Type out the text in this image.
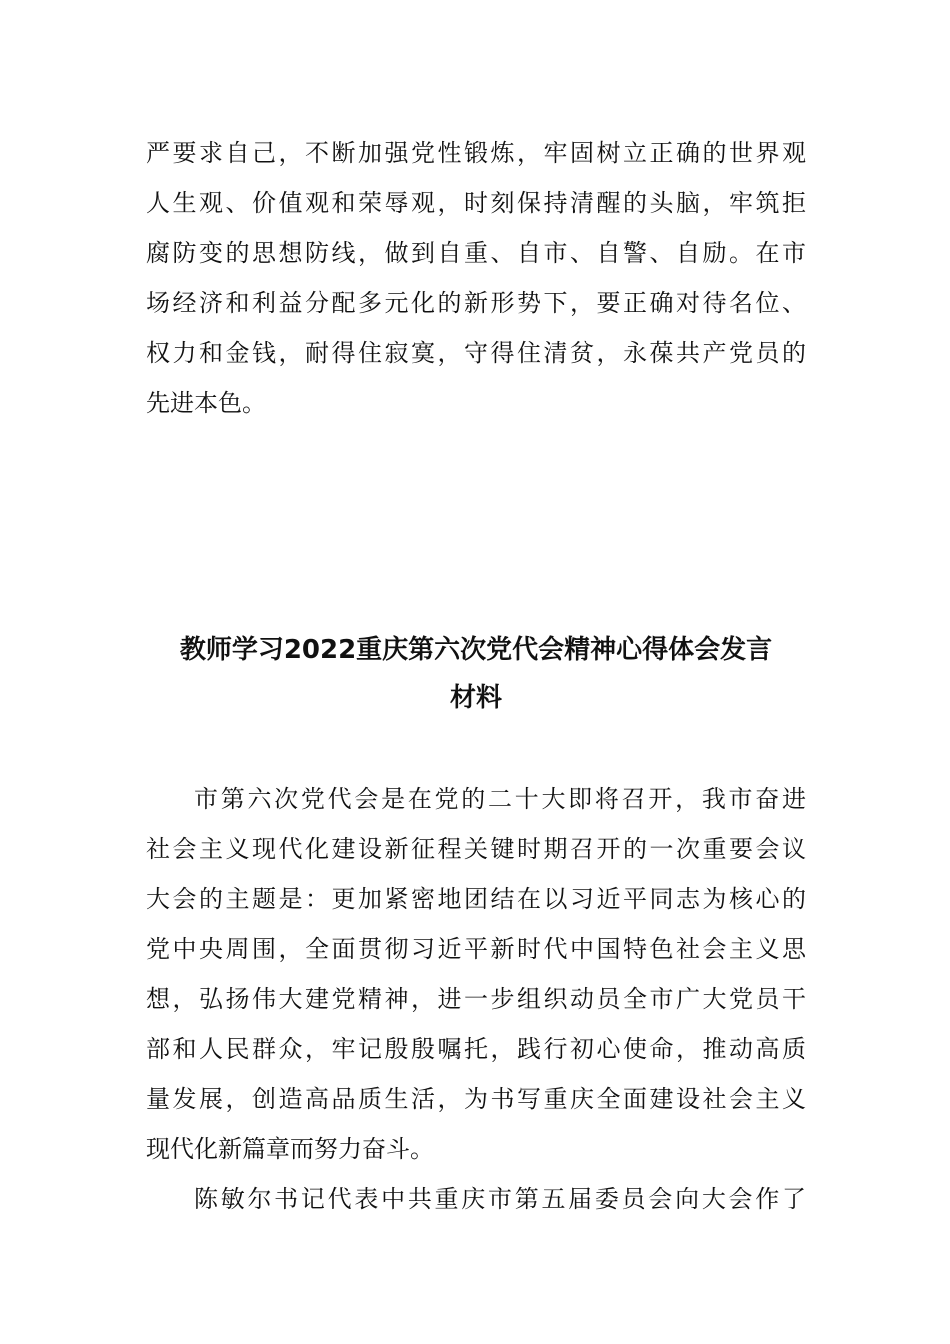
严要求自己，不断加强党性锻炼，牢固树立正确的世界观
人生观、价值观和荣辱观，时刻保持清醒的头脑，牢筑拒
腐防变的思想防线，做到自重、自市、自警、自励。在市
场经济和利益分配多元化的新形势下，要正确对待名位、
权力和金钱，耐得住寂寞，守得住清贫，永葆共产党员的
先进本色。
教师学习2022重庆第六次党代会精神心得体会发言
材料
市第六次党代会是在党的二十大即将召开，我市奋进
社会主义现代化建设新征程关键时期召开的一次重要会议
大会的主题是：更加紧密地团结在以习近平同志为核心的
党中央周围，全面贯彻习近平新时代中国特色社会主义思
想，弘扬伟大建党精神，进一步组织动员全市广大党员干
部和人民群众，牢记殷殷嘱托，践行初心使命，推动高质
量发展，创造高品质生活，为书写重庆全面建设社会主义
现代化新篇章而努力奋斗。
陈敏尔书记代表中共重庆市第五届委员会向大会作了
